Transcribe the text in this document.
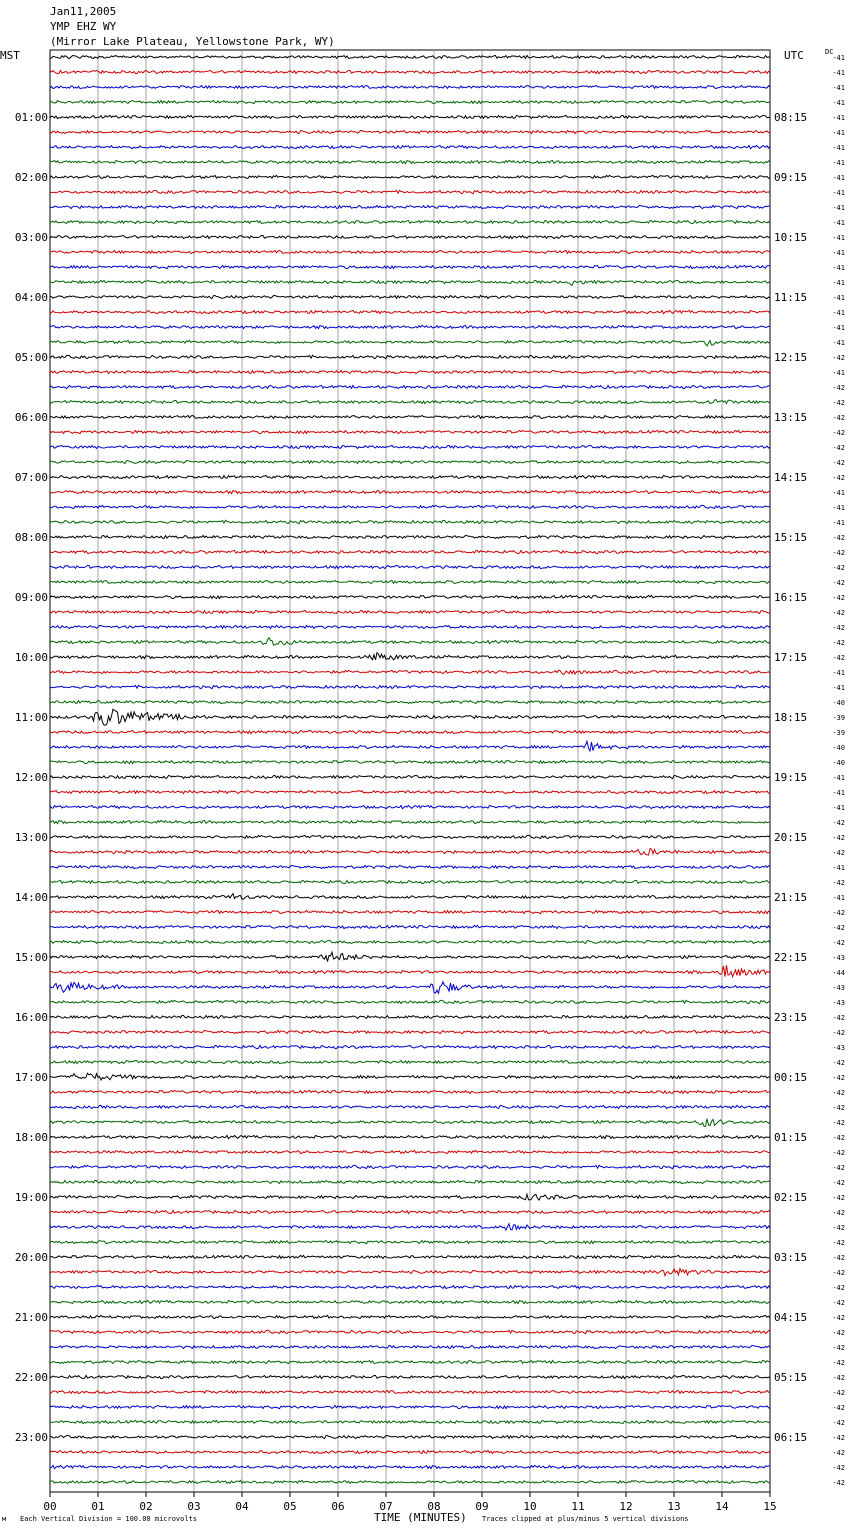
Jan11,2005
YMP EHZ WY
(Mirror Lake Plateau, Yellowstone Park, WY)
MST	UTC	DC
00	01	02	03	04	05	06	07	08	09	10	11	12	13	14	15
-41
-41
-41
-41
-41
01:00	08:15
-41
-41
-41
-41
02:00	09:15
-41
-41
-41
-41
03:00	10:15
-41
-41
-41
-41
04:00	11:15
-41
-41
-41
-42
05:00	12:15
-41
-42
-42
-42
06:00	13:15
-42
-42
-42
-42
07:00	14:15
-41
-41
-41
-42
08:00	15:15
-42
-42
-42
-42
09:00	16:15
-42
-42
-42
-42
10:00	17:15
-41
-41
-40
-39
11:00	18:15
-39
-40
-40
-41
12:00	19:15
-41
-41
-42
-42
13:00	20:15
-42
-41
-42
-41
14:00	21:15
-42
-42
-42
-43
15:00	22:15
-44
-43
-43
-42
16:00	23:15
-42
-43
-42
-42
17:00	00:15
-42
-42
-42
-42
18:00	01:15
-42
-42
-42
-42
19:00	02:15
-42
-42
-42
-42
20:00	03:15
-42
-42
-42
-42
21:00	04:15
-42
-42
-42
-42
22:00	05:15
-42
-42
-42
-42
23:00	06:15
-42
-42
-42
м Each Vertical Division = 100.00 microvolts	TIME (MINUTES) Traces clipped at plus/minus 5 vertical divisions
